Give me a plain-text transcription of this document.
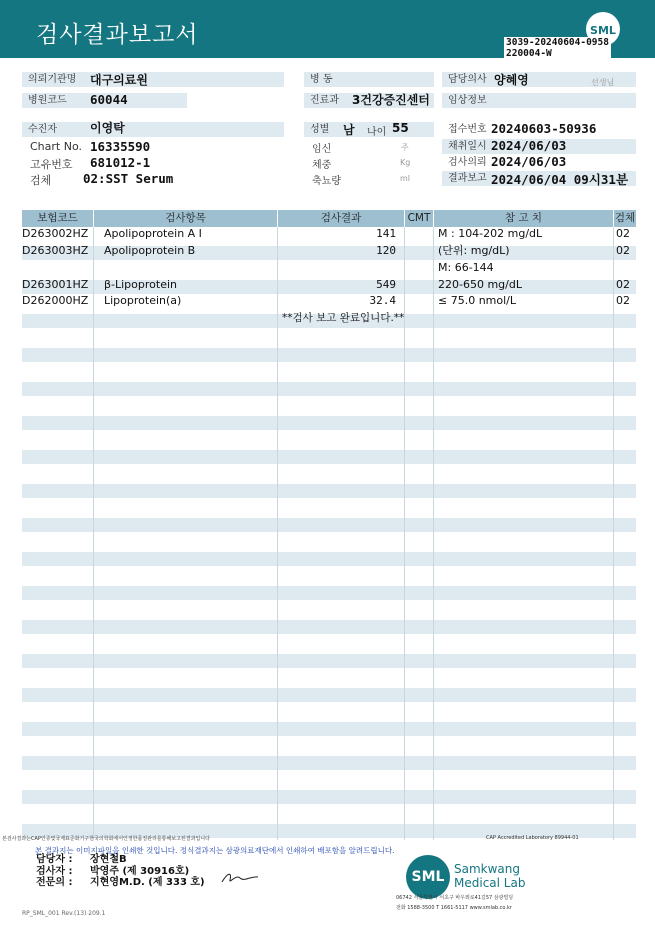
검사결과보고서	SML
3039-20240604-0958
220004-W
의뢰기관명	대구의료원
병원코드	60044
수진자	이영탁
Chart No. 16335590
고유번호 681012-1
검체	02:SST Serum
병 동
진료과	3건강증진센터
성별	남 나이 55
임신	주
체중	Kg
축뇨량	ml
담당의사 양혜영	선생님
임상정보
접수번호 20240603-50936
채취일시 2024/06/03
검사의뢰 2024/06/03
결과보고 2024/06/04 09시31분
보험코드	검사항목	검사결과	CMT	참 고 치	검체
D263002HZ Apolipoprotein A I	141	M : 104-202 mg/dL	02
D263003HZ Apolipoprotein B	120	(단위: mg/dL)	02
M: 66-144
D263001HZ β-Lipoprotein	549	220-650 mg/dL	02
D262000HZ Lipoprotein(a)	32.4	≤ 75.0 nmol/L	02
**검사 보고 완료입니다.**
본검사결과는CAP인증및국제표준화기구한국의학회에서인정한품질관리를통해보고된결과입니다	CAP Accredited Laboratory 89944-01
본 결과지는 이미지파일을 인쇄한 것입니다. 정식결과지는 삼광의료재단에서 인쇄하여 배포함을 알려드립니다.
담당자 : 장현철B
검사자 : 박영주 (제 30916호)
전문의 : 지현영M.D. (제 333 호)	SML Samkwang
Medical Lab
06742 서울특별시 서초구 바우뫼로41길57 삼광빌딩
전화 1588-3500 T 1661-5117 www.smlab.co.kr
RP_SML_001 Rev.(13) 209.1
